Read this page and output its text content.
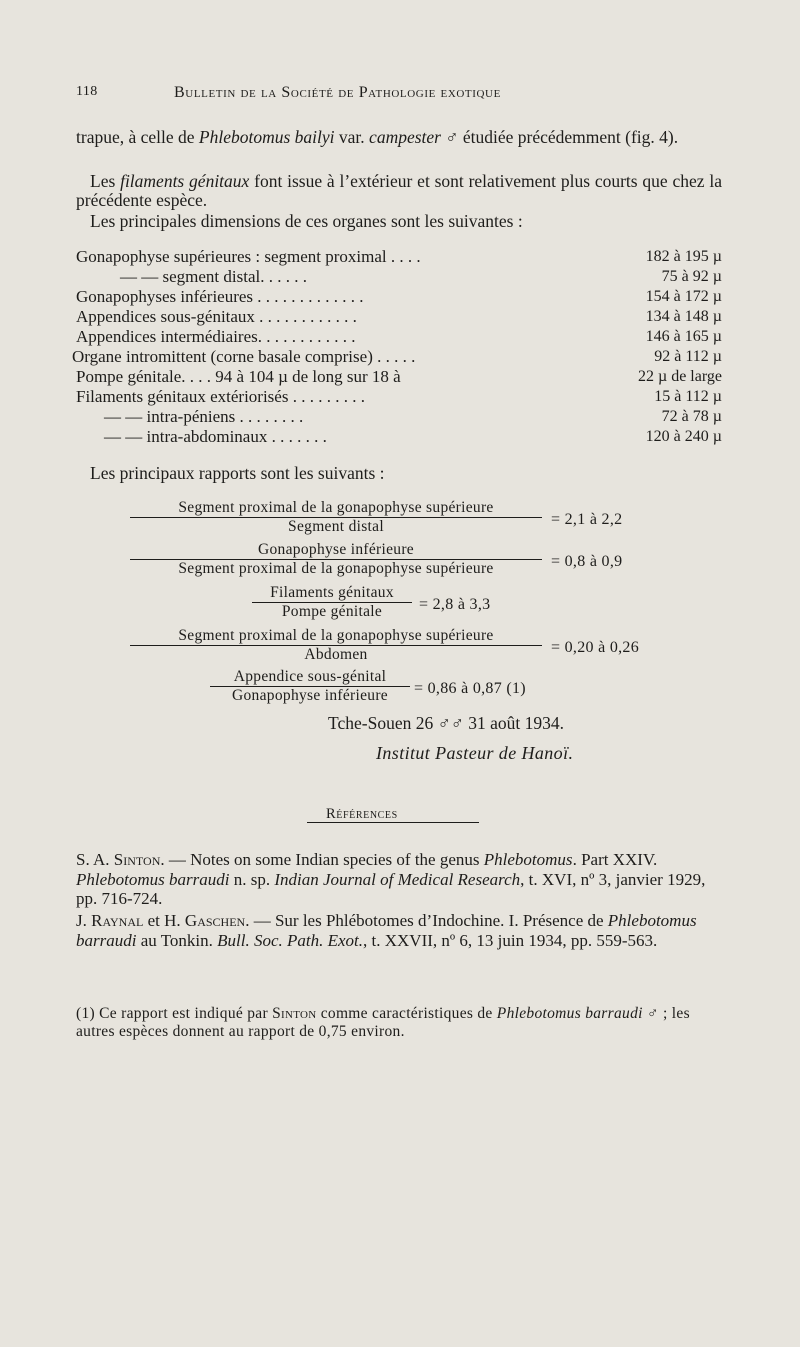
118	Bulletin de la Société de Pathologie exotique
trapue, à celle de Phlebotomus bailyi var. campester ♂ étudiée précédemment (fig. 4).
Les filaments génitaux font issue à l’extérieur et sont relativement plus courts que chez la précédente espèce.
Les principales dimensions de ces organes sont les suivantes :
Gonapophyse supérieures : segment proximal . . . .	182 à 195 µ
— — segment distal. . . . . .	75 à 92 µ
Gonapophyses inférieures . . . . . . . . . . . . .	154 à 172 µ
Appendices sous-génitaux . . . . . . . . . . . .	134 à 148 µ
Appendices intermédiaires. . . . . . . . . . . .	146 à 165 µ
Organe intromittent (corne basale comprise) . . . . .	92 à 112 µ
Pompe génitale. . . . 94 à 104 µ de long sur 18 à	22 µ de large
Filaments génitaux extériorisés . . . . . . . . .	15 à 112 µ
— — intra-péniens . . . . . . . .	72 à 78 µ
— — intra-abdominaux . . . . . . .	120 à 240 µ
Les principaux rapports sont les suivants :
Segment proximal de la gonapophyse supérieure
Segment distal	= 2,1 à 2,2
Gonapophyse inférieure
Segment proximal de la gonapophyse supérieure	= 0,8 à 0,9
Filaments génitaux
Pompe génitale	= 2,8 à 3,3
Segment proximal de la gonapophyse supérieure
Abdomen	= 0,20 à 0,26
Appendice sous-génital
Gonapophyse inférieure	= 0,86 à 0,87 (1)
Tche-Souen 26 ♂♂ 31 août 1934.
Institut Pasteur de Hanoï.
Références
S. A. Sinton. — Notes on some Indian species of the genus Phlebotomus. Part XXIV. Phlebotomus barraudi n. sp. Indian Journal of Medical Research, t. XVI, nº 3, janvier 1929, pp. 716-724.
J. Raynal et H. Gaschen. — Sur les Phlébotomes d’Indochine. I. Présence de Phlebotomus barraudi au Tonkin. Bull. Soc. Path. Exot., t. XXVII, nº 6, 13 juin 1934, pp. 559-563.
(1) Ce rapport est indiqué par Sinton comme caractéristiques de Phlebotomus barraudi ♂ ; les autres espèces donnent au rapport de 0,75 environ.
